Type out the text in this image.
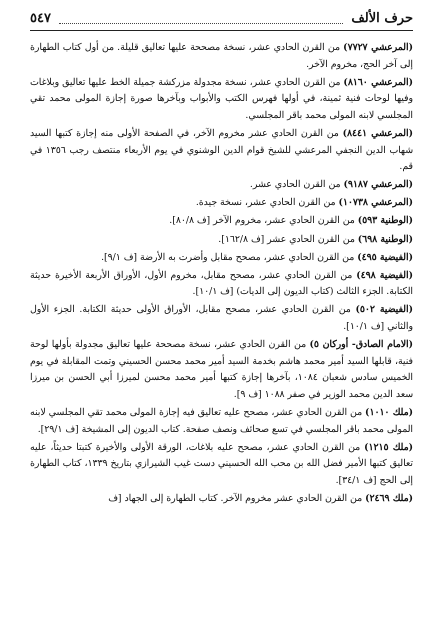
حرف الألف
٥٤٧

(المرعشي ٧٧٢٧) من القرن الحادي عشر، نسخة مصححة عليها تعاليق قليلة. من أول كتاب الطهارة إلى آخر الحج، مخروم الآخر.

(المرعشي ٨١٦٠) من القرن الحادي عشر، نسخة مجدولة مزركشة جميلة الخط عليها تعاليق وبلاغات وفيها لوحات فنية ثمينة، في أولها فهرس الكتب والأبواب وبآخرها صورة إجازة المولى محمد تقي المجلسي لابنه المولى محمد باقر المجلسي.

(المرعشي ٨٤٤١) من القرن الحادي عشر مخروم الآخر، في الصفحة الأولى منه إجازة كتبها السيد شهاب الدين النجفي المرعشي للشيخ قوام الدين الوشنوي في يوم الأربعاء منتصف رجب ١٣٥٦ في قم.

(المرعشي ٩١٨٧) من القرن الحادي عشر.

(المرعشي ١٠٧٣٨) من القرن الحادي عشر، نسخة جيدة.

(الوطنية ٥٩٣) من القرن الحادي عشر، مخروم الآخر [ف ٨٠/٨].

(الوطنية ٦٩٨) من القرن الحادي عشر [ف ١٦٢/٨].

(الفيضية ٤٩٥) من القرن الحادي عشر، مصحح مقابل وأضرت به الأرضة [ف ٩/١].

(الفيضية ٤٩٨) من القرن الحادي عشر، مصحح مقابل، مخروم الأول، الأوراق الأربعة الأخيرة حديثة الكتابة. الجزء الثالث (كتاب الديون إلى الديات) [ف ١٠/١].

(الفيضية ٥٠٢) من القرن الحادي عشر، مصحح مقابل، الأوراق الأولى حديثة الكتابة. الجزء الأول والثاني [ف ١٠/١].

(الامام الصادق- أوركان ٥) من القرن الحادي عشر، نسخة مصححة عليها تعاليق مجدولة بأولها لوحة فنية، قابلها السيد أمير محمد هاشم بخدمة السيد أمير محمد محسن الحسيني وتمت المقابلة في يوم الخميس سادس شعبان ١٠٨٤، بآخرها إجازة كتبها أمير محمد محسن لميرزا أبي الحسن بن ميرزا سعد الدين محمد الوزير في صفر ١٠٨٨ [ف ٩].

(ملك ١٠١٠) من القرن الحادي عشر، مصحح عليه تعاليق فيه إجازة المولى محمد تقي المجلسي لابنه المولى محمد باقر المجلسي في تسع صحائف ونصف صفحة. كتاب الديون إلى المشيخة [ف ٢٩/١].

(ملك ١٢١٥) من القرن الحادي عشر، مصحح عليه بلاغات، الورقة الأولى والأخيرة كتبتا حديثاً، عليه تعاليق كتبها الأمير فضل الله بن محب الله الحسيني دست غيب الشيرازي بتاريخ ١٣٣٩، كتاب الطهارة إلى الحج [ف ٣٤/١].

(ملك ٢٤٦٩) من القرن الحادي عشر مخروم الآخر. كتاب الطهارة إلى الجهاد [ف
